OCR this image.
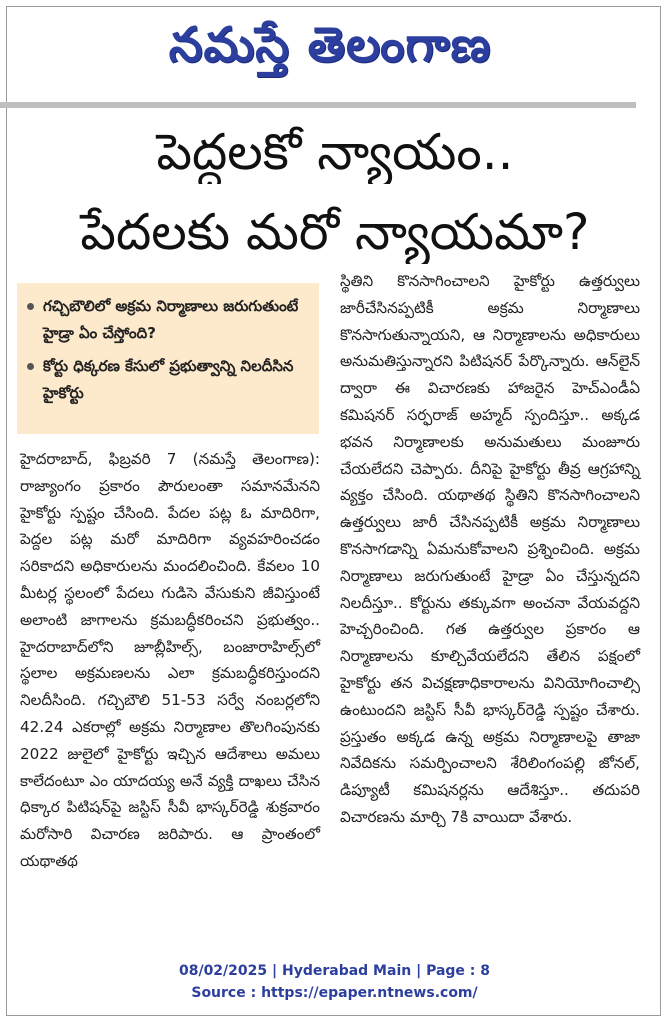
నమస్తే తెలంగాణ
పెద్దలకో న్యాయం..
పేదలకు మరో న్యాయమా?
గచ్చిబౌలిలో అక్రమ నిర్మాణాలు జరుగుతుంటే హైడ్రా ఏం చేస్తోంది?
కోర్టు ధిక్కరణ కేసులో ప్రభుత్వాన్ని నిలదీసిన హైకోర్టు

హైదరాబాద్, ఫిబ్రవరి 7 (నమస్తే తెలంగాణ): రాజ్యాంగం ప్రకారం పౌరులంతా సమానమేనని హైకోర్టు స్పష్టం చేసింది. పేదల పట్ల ఓ మాదిరిగా, పెద్దల పట్ల మరో మాదిరిగా వ్యవహరించడం సరికాదని అధికారులను మందలించింది. కేవలం 10 మీటర్ల స్థలంలో పేదలు గుడిసె వేసుకుని జీవిస్తుంటే అలాంటి జాగాలను క్రమబద్ధీకరించని ప్రభుత్వం.. హైదరాబాద్‌లోని జూబ్లీహిల్స్, బంజారాహిల్స్‌లో స్థలాల అక్రమణలను ఎలా క్రమబద్ధీకరిస్తుందని నిలదీసింది. గచ్చిబౌలి 51-53 సర్వే నంబర్లలోని 42.24 ఎకరాల్లో అక్రమ నిర్మాణాల తొలగింపునకు 2022 జులైలో హైకోర్టు ఇచ్చిన ఆదేశాలు అమలు కాలేదంటూ ఎం యాదయ్య అనే వ్యక్తి దాఖలు చేసిన ధిక్కార పిటిషన్‌పై జస్టిస్ సీవీ భాస్కర్‌రెడ్డి శుక్రవారం మరోసారి విచారణ జరిపారు. ఆ ప్రాంతంలో యథాతథ

స్థితిని కొనసాగించాలని హైకోర్టు ఉత్తర్వులు జారీచేసినప్పటికీ అక్రమ నిర్మాణాలు కొనసాగుతున్నాయని, ఆ నిర్మాణాలను అధికారులు అనుమతిస్తున్నారని పిటిషనర్ పేర్కొన్నారు. ఆన్‌లైన్ ద్వారా ఈ విచారణకు హాజరైన హెచ్ఎండీఏ కమిషనర్ సర్ఫరాజ్ అహ్మద్ స్పందిస్తూ.. అక్కడ భవన నిర్మాణాలకు అనుమతులు మంజూరు చేయలేదని చెప్పారు. దీనిపై హైకోర్టు తీవ్ర ఆగ్రహాన్ని వ్యక్తం చేసింది. యథాతథ స్థితిని కొనసాగించాలని ఉత్తర్వులు జారీ చేసినప్పటికీ అక్రమ నిర్మాణాలు కొనసాగడాన్ని ఏమనుకోవాలని ప్రశ్నించింది. అక్రమ నిర్మాణాలు జరుగుతుంటే హైడ్రా ఏం చేస్తున్నదని నిలదీస్తూ.. కోర్టును తక్కువగా అంచనా వేయవద్దని హెచ్చరించింది. గత ఉత్తర్వుల ప్రకారం ఆ నిర్మాణాలను కూల్చివేయలేదని తేలిన పక్షంలో హైకోర్టు తన విచక్షణాధికారాలను వినియోగించాల్సి ఉంటుందని జస్టిస్ సీవీ భాస్కర్‌రెడ్డి స్పష్టం చేశారు. ప్రస్తుతం అక్కడ ఉన్న అక్రమ నిర్మాణాలపై తాజా నివేదికను సమర్పించాలని శేరిలింగంపల్లి జోనల్, డిప్యూటీ కమిషనర్లను ఆదేశిస్తూ.. తదుపరి విచారణను మార్చి 7కి వాయిదా వేశారు.

08/02/2025 | Hyderabad Main | Page : 8
Source : https://epaper.ntnews.com/
